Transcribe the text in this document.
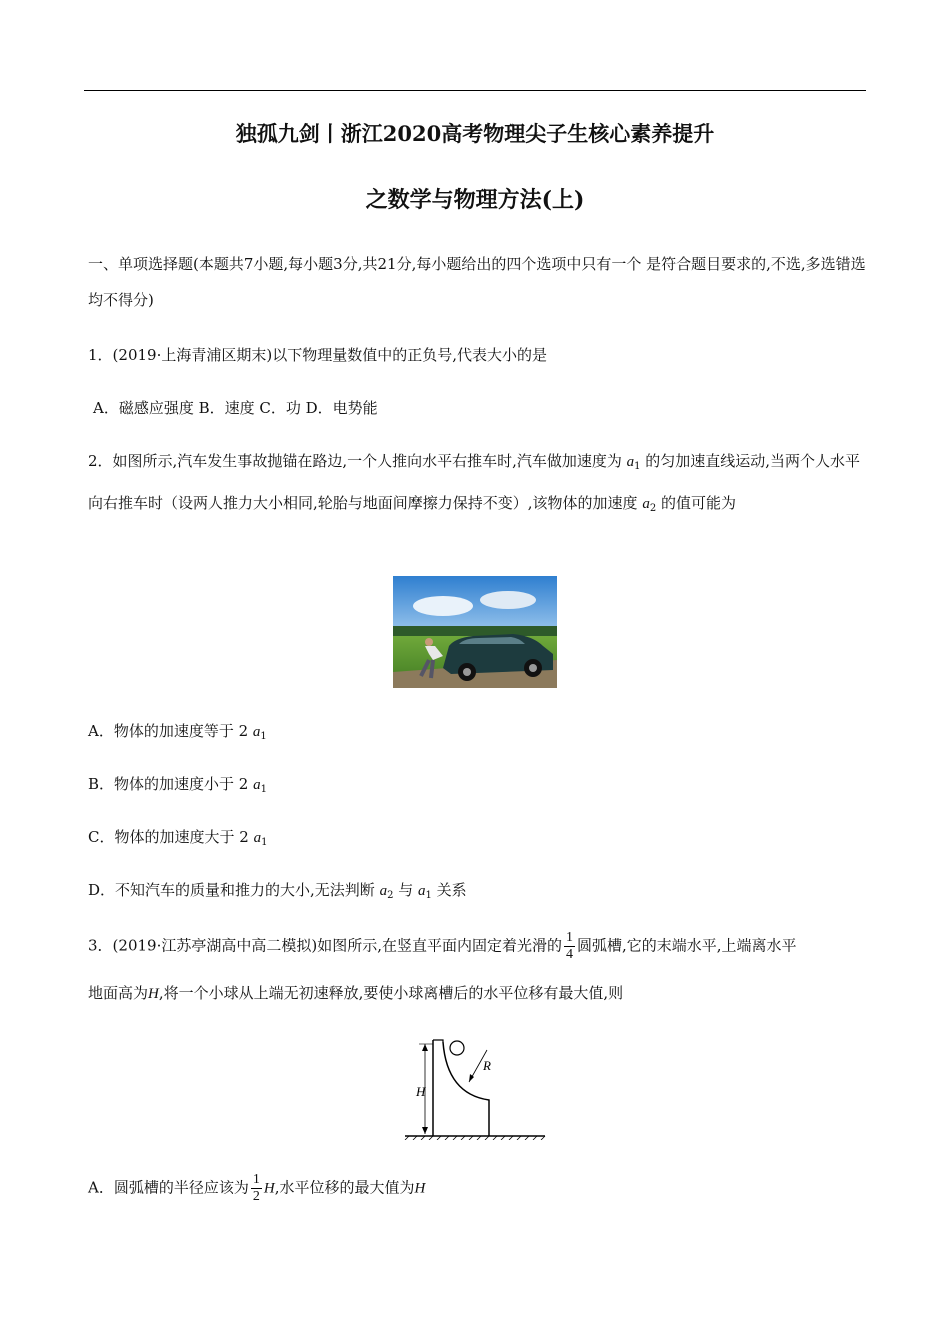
独孤九剑丨浙江2020高考物理尖子生核心素养提升
之数学与物理方法(上)
一、单项选择题(本题共7小题,每小题3分,共21分,每小题给出的四个选项中只有一个 是符合题目要求的,不选,多选错选均不得分)
1．(2019·上海青浦区期末)以下物理量数值中的正负号,代表大小的是
A．磁感应强度 B．速度 C．功 D．电势能
2．如图所示,汽车发生事故抛锚在路边,一个人推向水平右推车时,汽车做加速度为 $a_1$ 的匀加速直线运动,当两个人水平向右推车时（设两人推力大小相同,轮胎与地面间摩擦力保持不变）,该物体的加速度 $a_2$ 的值可能为
A．物体的加速度等于 2 $a_1$
B．物体的加速度小于 2 $a_1$
C．物体的加速度大于 2 $a_1$
D．不知汽车的质量和推力的大小,无法判断 $a_2$ 与 $a_1$ 关系
3．(2019·江苏亭湖高中高二模拟)如图所示,在竖直平面内固定着光滑的 $\frac{1}{4}$ 圆弧槽,它的末端水平,上端离水平
地面高为H,将一个小球从上端无初速释放,要使小球离槽后的水平位移有最大值,则
R
H
A．圆弧槽的半径应该为 $\frac{1}{2} H$,水平位移的最大值为H
